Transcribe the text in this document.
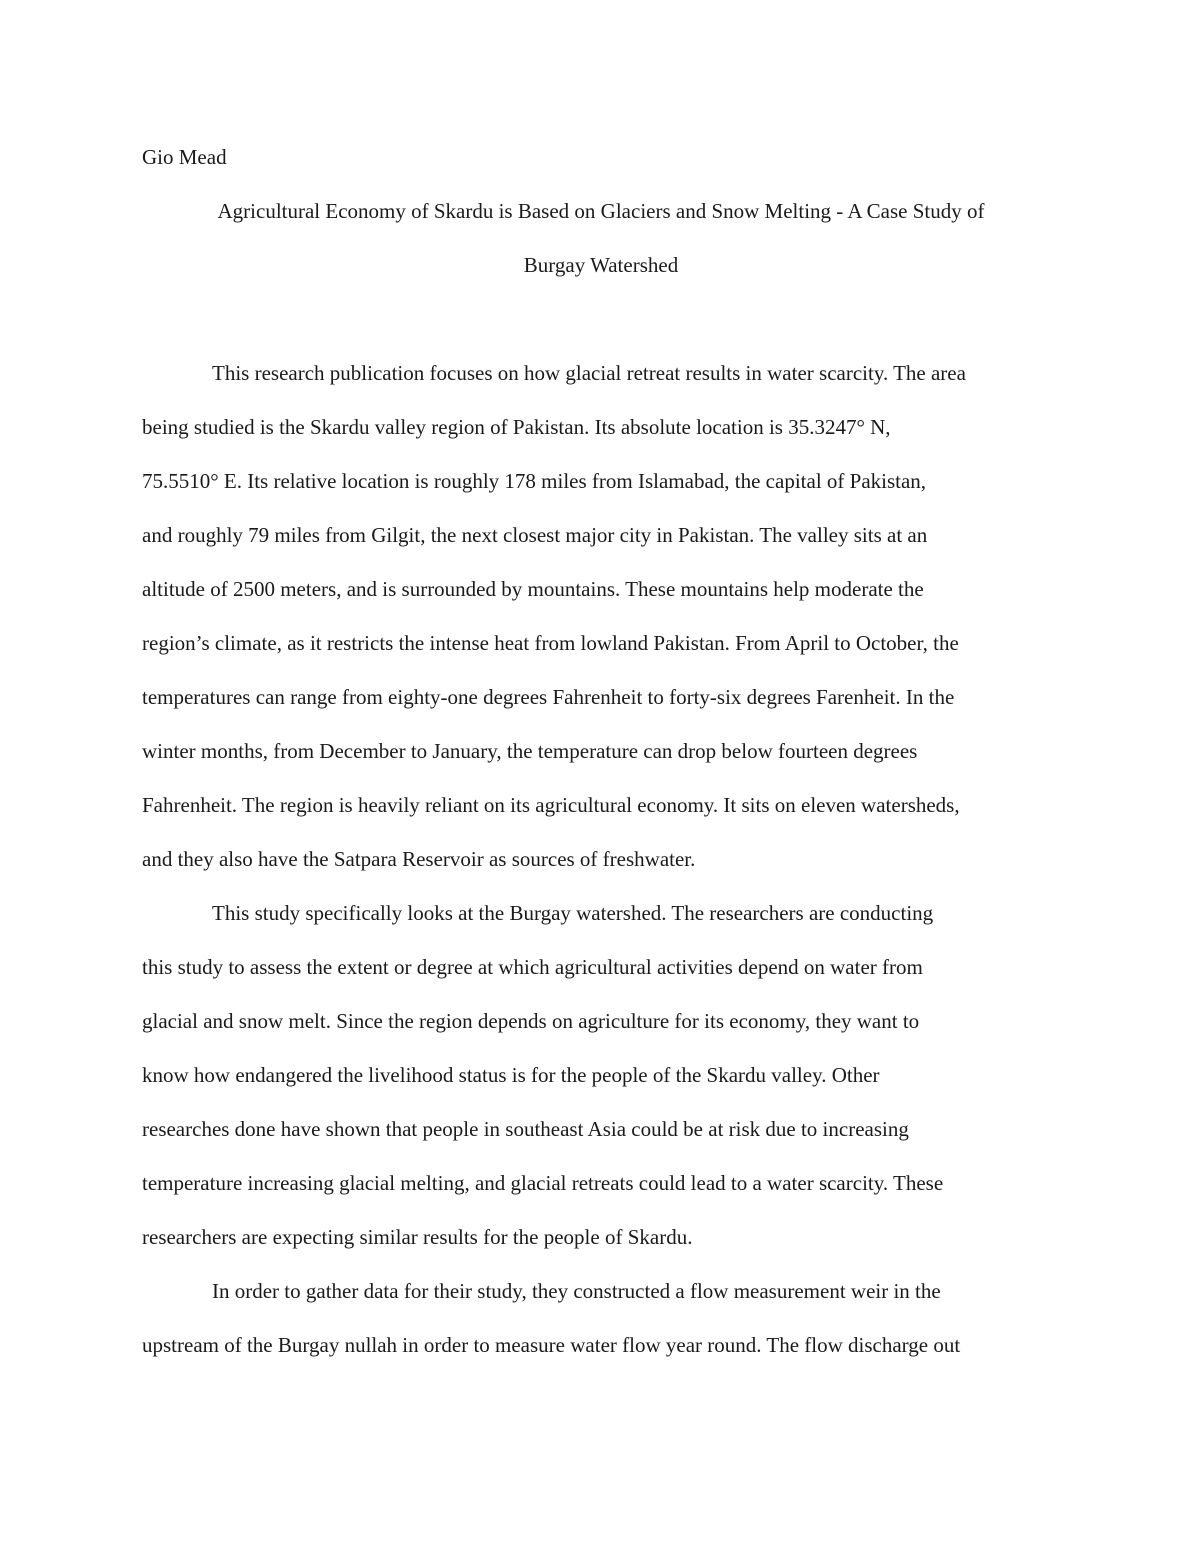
Gio Mead

Agricultural Economy of Skardu is Based on Glaciers and Snow Melting - A Case Study of
Burgay Watershed

This research publication focuses on how glacial retreat results in water scarcity. The area
being studied is the Skardu valley region of Pakistan. Its absolute location is 35.3247° N,
75.5510° E. Its relative location is roughly 178 miles from Islamabad, the capital of Pakistan,
and roughly 79 miles from Gilgit, the next closest major city in Pakistan. The valley sits at an
altitude of 2500 meters, and is surrounded by mountains. These mountains help moderate the
region’s climate, as it restricts the intense heat from lowland Pakistan. From April to October, the
temperatures can range from eighty-one degrees Fahrenheit to forty-six degrees Farenheit. In the
winter months, from December to January, the temperature can drop below fourteen degrees
Fahrenheit. The region is heavily reliant on its agricultural economy. It sits on eleven watersheds,
and they also have the Satpara Reservoir as sources of freshwater.

This study specifically looks at the Burgay watershed. The researchers are conducting
this study to assess the extent or degree at which agricultural activities depend on water from
glacial and snow melt. Since the region depends on agriculture for its economy, they want to
know how endangered the livelihood status is for the people of the Skardu valley. Other
researches done have shown that people in southeast Asia could be at risk due to increasing
temperature increasing glacial melting, and glacial retreats could lead to a water scarcity. These
researchers are expecting similar results for the people of Skardu.

In order to gather data for their study, they constructed a flow measurement weir in the
upstream of the Burgay nullah in order to measure water flow year round. The flow discharge out
